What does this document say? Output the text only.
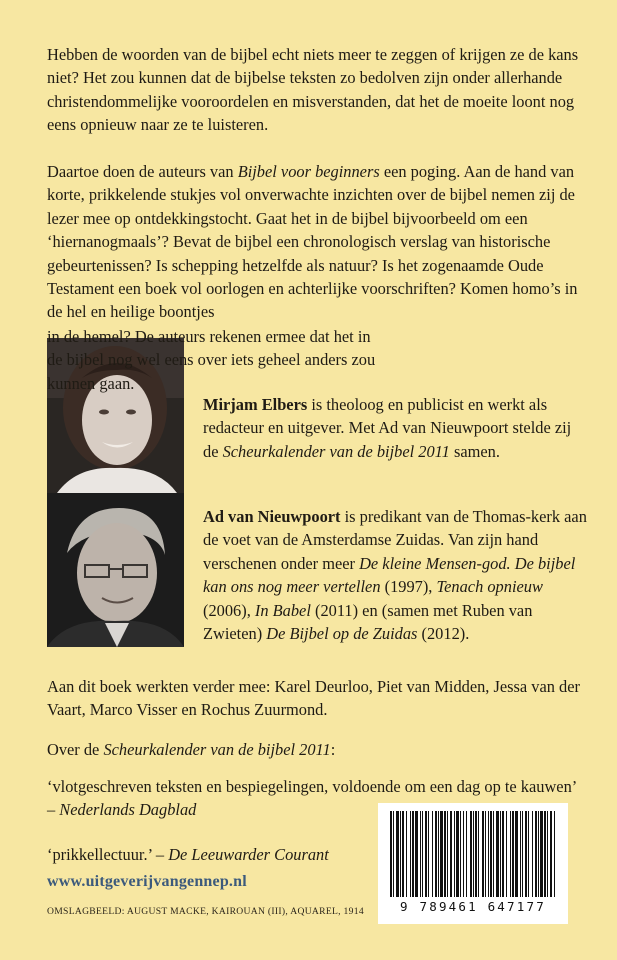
Hebben de woorden van de bijbel echt niets meer te zeggen of krijgen ze de kans niet? Het zou kunnen dat de bijbelse teksten zo bedolven zijn onder allerhande christendommelijke vooroordelen en misverstanden, dat het de moeite loont nog eens opnieuw naar ze te luisteren.

Daartoe doen de auteurs van Bijbel voor beginners een poging. Aan de hand van korte, prikkelende stukjes vol onverwachte inzichten over de bijbel nemen zij de lezer mee op ontdekkingstocht. Gaat het in de bijbel bijvoorbeeld om een ‘hiernanogmaals’? Bevat de bijbel een chronologisch verslag van historische gebeurtenissen? Is schepping hetzelfde als natuur? Is het zogenaamde Oude Testament een boek vol oorlogen en achterlijke voorschriften? Komen homo’s in de hel en heilige boontjes

in de hemel? De auteurs rekenen ermee dat het in de bijbel nog wel eens over iets geheel anders zou kunnen gaan.

Mirjam Elbers is theoloog en publicist en werkt als redacteur en uitgever. Met Ad van Nieuwpoort stelde zij de Scheurkalender van de bijbel 2011 samen.

Ad van Nieuwpoort is predikant van de Thomas-kerk aan de voet van de Amsterdamse Zuidas. Van zijn hand verschenen onder meer De kleine Mensen-god. De bijbel kan ons nog meer vertellen (1997), Tenach opnieuw (2006), In Babel (2011) en (samen met Ruben van Zwieten) De Bijbel op de Zuidas (2012).

Aan dit boek werkten verder mee: Karel Deurloo, Piet van Midden, Jessa van der Vaart, Marco Visser en Rochus Zuurmond.

Over de Scheurkalender van de bijbel 2011:

‘vlotgeschreven teksten en bespiegelingen, voldoende om een dag op te kauwen’ – Nederlands Dagblad

‘prikkellectuur.’ – De Leeuwarder Courant

www.uitgeverijvangennep.nl
OMSLAGBEELD: AUGUST MACKE, KAIROUAN (III), AQUAREL, 1914	9 789461 647177
